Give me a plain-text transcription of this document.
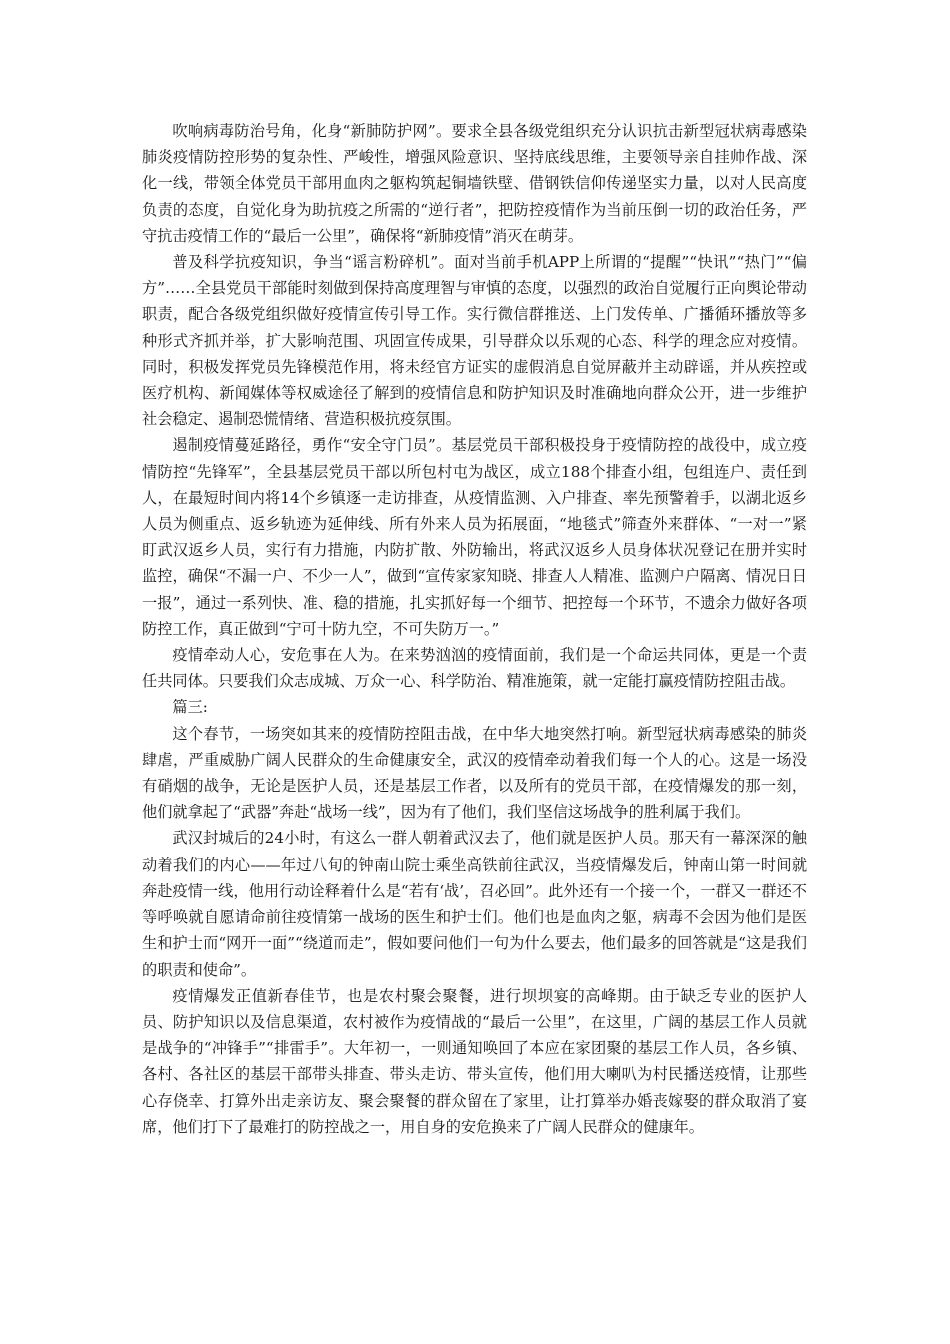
吹响病毒防治号角，化身“新肺防护网”。要求全县各级党组织充分认识抗击新型冠状病毒感染肺炎疫情防控形势的复杂性、严峻性，增强风险意识、坚持底线思维，主要领导亲自挂帅作战、深化一线，带领全体党员干部用血肉之躯构筑起铜墙铁壁、借钢铁信仰传递坚实力量，以对人民高度负责的态度，自觉化身为助抗疫之所需的“逆行者”，把防控疫情作为当前压倒一切的政治任务，严守抗击疫情工作的“最后一公里”，确保将“新肺疫情”消灭在萌芽。

普及科学抗疫知识，争当“谣言粉碎机”。面对当前手机APP上所谓的“提醒”“快讯”“热门”“偏方”……全县党员干部能时刻做到保持高度理智与审慎的态度，以强烈的政治自觉履行正向舆论带动职责，配合各级党组织做好疫情宣传引导工作。实行微信群推送、上门发传单、广播循环播放等多种形式齐抓并举，扩大影响范围、巩固宣传成果，引导群众以乐观的心态、科学的理念应对疫情。同时，积极发挥党员先锋模范作用，将未经官方证实的虚假消息自觉屏蔽并主动辟谣，并从疾控或医疗机构、新闻媒体等权威途径了解到的疫情信息和防护知识及时准确地向群众公开，进一步维护社会稳定、遏制恐慌情绪、营造积极抗疫氛围。

遏制疫情蔓延路径，勇作“安全守门员”。基层党员干部积极投身于疫情防控的战役中，成立疫情防控“先锋军”，全县基层党员干部以所包村屯为战区，成立188个排查小组，包组连户、责任到人，在最短时间内将14个乡镇逐一走访排查，从疫情监测、入户排查、率先预警着手，以湖北返乡人员为侧重点、返乡轨迹为延伸线、所有外来人员为拓展面，“地毯式”筛查外来群体、“一对一”紧盯武汉返乡人员，实行有力措施，内防扩散、外防输出，将武汉返乡人员身体状况登记在册并实时监控，确保“不漏一户、不少一人”，做到“宣传家家知晓、排查人人精准、监测户户隔离、情况日日一报”，通过一系列快、准、稳的措施，扎实抓好每一个细节、把控每一个环节，不遗余力做好各项防控工作，真正做到“宁可十防九空，不可失防万一。”

疫情牵动人心，安危事在人为。在来势汹汹的疫情面前，我们是一个命运共同体，更是一个责任共同体。只要我们众志成城、万众一心、科学防治、精准施策，就一定能打赢疫情防控阻击战。

篇三:

这个春节，一场突如其来的疫情防控阻击战，在中华大地突然打响。新型冠状病毒感染的肺炎肆虐，严重威胁广阔人民群众的生命健康安全，武汉的疫情牵动着我们每一个人的心。这是一场没有硝烟的战争，无论是医护人员，还是基层工作者，以及所有的党员干部，在疫情爆发的那一刻，他们就拿起了“武器”奔赴“战场一线”，因为有了他们，我们坚信这场战争的胜利属于我们。

武汉封城后的24小时，有这么一群人朝着武汉去了，他们就是医护人员。那天有一幕深深的触动着我们的内心——年过八旬的钟南山院士乘坐高铁前往武汉，当疫情爆发后，钟南山第一时间就奔赴疫情一线，他用行动诠释着什么是“若有‘战’，召必回”。此外还有一个接一个，一群又一群还不等呼唤就自愿请命前往疫情第一战场的医生和护士们。他们也是血肉之躯，病毒不会因为他们是医生和护士而“网开一面”“绕道而走”，假如要问他们一句为什么要去，他们最多的回答就是“这是我们的职责和使命”。

疫情爆发正值新春佳节，也是农村聚会聚餐，进行坝坝宴的高峰期。由于缺乏专业的医护人员、防护知识以及信息渠道，农村被作为疫情战的“最后一公里”，在这里，广阔的基层工作人员就是战争的“冲锋手”“排雷手”。大年初一，一则通知唤回了本应在家团聚的基层工作人员，各乡镇、各村、各社区的基层干部带头排查、带头走访、带头宣传，他们用大喇叭为村民播送疫情，让那些心存侥幸、打算外出走亲访友、聚会聚餐的群众留在了家里，让打算举办婚丧嫁娶的群众取消了宴席，他们打下了最难打的防控战之一，用自身的安危换来了广阔人民群众的健康年。
